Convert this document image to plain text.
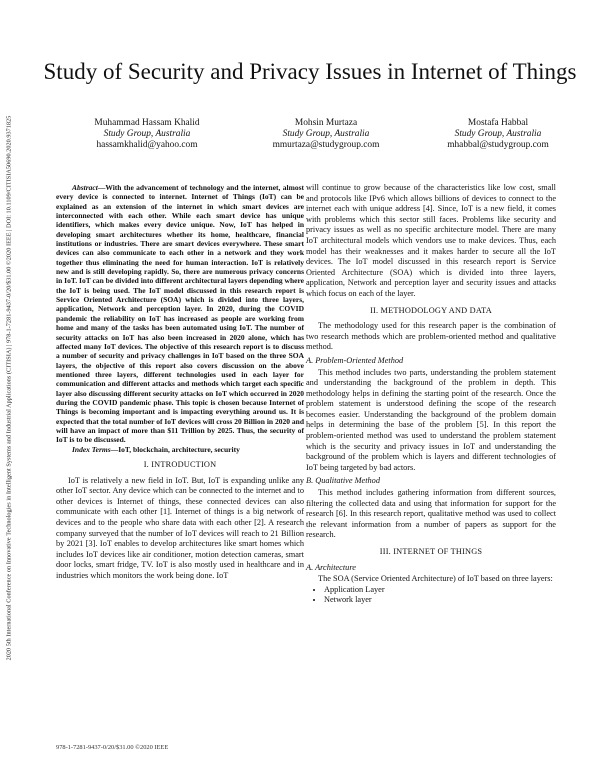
2020 5th International Conference on Innovative Technologies in Intelligent Systems and Industrial Applications (CITISIA) | 978-1-7281-9437-0/20/$31.00 ©2020 IEEE | DOI: 10.1109/CITISIA50690.2020.9371825
Study of Security and Privacy Issues in Internet of Things
Muhammad Hassam Khalid
Study Group, Australia
hassamkhalid@yahoo.com
Mohsin Murtaza
Study Group, Australia
mmurtaza@studygroup.com
Mostafa Habbal
Study Group, Australia
mhabbal@studygroup.com

Abstract—With the advancement of technology and the internet, almost every device is connected to internet. Internet of Things (IoT) can be explained as an extension of the internet in which smart devices are interconnected with each other. While each smart device has unique identifiers, which makes every device unique. Now, IoT has helped in developing smart architectures whether its home, healthcare, financial institutions or industries. There are smart devices everywhere. These smart devices can also communicate to each other in a network and they work together thus eliminating the need for human interaction. IoT is relatively new and is still developing rapidly. So, there are numerous privacy concerns in IoT. IoT can be divided into different architectural layers depending where the IoT is being used. The IoT model discussed in this research report is Service Oriented Architecture (SOA) which is divided into three layers, application, Network and perception layer. In 2020, during the COVID pandemic the reliability on IoT has increased as people are working from home and many of the tasks has been automated using IoT. The number of security attacks on IoT has also been increased in 2020 alone, which has affected many IoT devices. The objective of this research report is to discuss a number of security and privacy challenges in IoT based on the three SOA layers, the objective of this report also covers discussion on the above mentioned three layers, different technologies used in each layer for communication and different attacks and methods which target each specific layer also discussing different security attacks on IoT which occurred in 2020 during the COVID pandemic phase. This topic is chosen because Internet of Things is becoming important and is impacting everything around us. It is expected that the total number of IoT devices will cross 20 Billion in 2020 and will have an impact of more than $11 Trillion by 2025. Thus, the security of IoT is to be discussed.

Index Terms—IoT, blockchain, architecture, security

I. INTRODUCTION

IoT is relatively a new field in IoT. But, IoT is expanding unlike any other IoT sector. Any device which can be connected to the internet and to other devices is Internet of things, these connected devices can also communicate with each other [1]. Internet of things is a big network of devices and to the people who share data with each other [2]. A research company surveyed that the number of IoT devices will reach to 21 Billion by 2021 [3]. IoT enables to develop architectures like smart homes which includes IoT devices like air conditioner, motion detection cameras, smart door locks, smart fridge, TV. IoT is also mostly used in healthcare and in industries which monitors the work being done. IoT

will continue to grow because of the characteristics like low cost, small and protocols like IPv6 which allows billions of devices to connect to the internet each with unique address [4]. Since, IoT is a new field, it comes with problems which this sector still faces. Problems like security and privacy issues as well as no specific architecture model. There are many IoT architectural models which vendors use to make devices. Thus, each model has their weaknesses and it makes harder to secure all the IoT devices. The IoT model discussed in this research report is Service Oriented Architecture (SOA) which is divided into three layers, application, Network and perception layer and security issues and attacks which focus on each of the layer.

II. METHODOLOGY AND DATA

The methodology used for this research paper is the combination of two research methods which are problem-oriented method and qualitative method.

A. Problem-Oriented Method

This method includes two parts, understanding the problem statement and understanding the background of the problem in depth. This methodology helps in defining the starting point of the research. Once the problem statement is understood defining the scope of the research becomes easier. Understanding the background of the problem domain helps in determining the base of the problem [5]. In this report the problem-oriented method was used to understand the problem statement which is the security and privacy issues in IoT and understanding the background of the problem which is layers and different technologies of IoT being targeted by bad actors.

B. Qualitative Method

This method includes gathering information from different sources, filtering the collected data and using that information for support for the research [6]. In this research report, qualitative method was used to collect the relevant information from a number of papers as support for the research.

III. INTERNET OF THINGS
A. Architecture

The SOA (Service Oriented Architecture) of IoT based on three layers:

• Application Layer
• Network layer
978-1-7281-9437-0/20/$31.00 ©2020 IEEE
